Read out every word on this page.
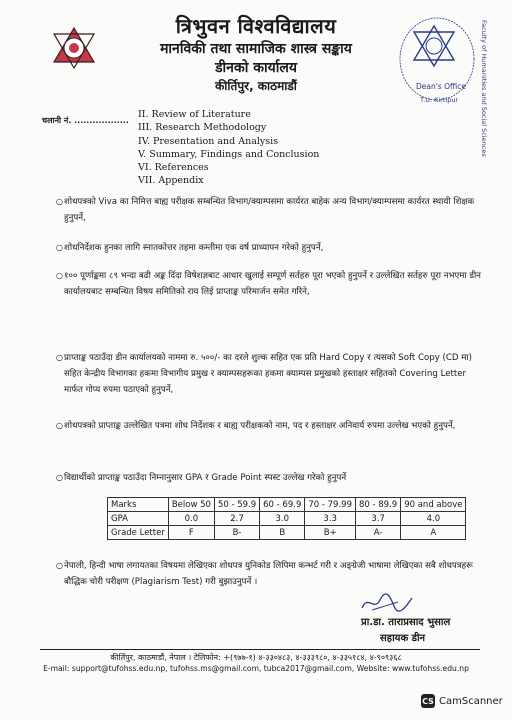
Faculty of Humanities and Social Sciences
Dean's Office
T.U. Kirtipur
त्रिभुवन विश्वविद्यालय
मानविकी तथा सामाजिक शास्त्र सङ्काय
डीनको कार्यालय
कीर्तिपुर, काठमाडौं
चलानी नं. ..................
II. Review of Literature
III. Research Methodology
IV. Presentation and Analysis
V. Summary, Findings and Conclusion
VI. References
VII. Appendix
○ शोधपत्रको Viva का निमित्त बाह्य परीक्षक सम्बन्धित विभाग/क्याम्पसमा कार्यरत बाहेक अन्य विभाग/क्याम्पसमा कार्यरत स्थायी शिक्षक हुनुपर्ने,
○ शोधनिर्देशक हुनका लागि स्नातकोत्तर तहमा कम्तीमा एक वर्ष प्राध्यापन गरेको हुनुपर्ने,
○ १०० पूर्णाङ्कमा ८९ भन्दा बढी अङ्क दिंदा विषेशज्ञबाट आधार खुलाई सम्पूर्ण सर्तहरु पूरा भएको हुनुपर्ने र उल्लेखित सर्तहरु पूरा नभएमा डीन कार्यालयबाट सम्बन्धित विषय समितिको राय लिई प्राप्ताङ्क परिमार्जन समेत गरिने,
○ प्राप्ताङ्क पठाउँदा डीन कार्यालयको नाममा रु. ५००/- का दरले शुल्क सहित एक प्रति Hard Copy र त्यसको Soft Copy (CD मा) सहित केन्द्रीय विभागका हकमा विभागीय प्रमुख र क्याम्पसहरूका हकमा क्याम्पस प्रमुखको हस्ताक्षर सहितको Covering Letter मार्फत गोप्य रुपमा पठाएको हुनुपर्ने,
○ शोधपत्रको प्राप्ताङ्क उल्लेखित पत्रमा शोध निर्देशक र बाह्य परीक्षकको नाम, पद र हस्ताक्षर अनिवार्य रुपमा उल्लेख भएको हुनुपर्ने,
○ विद्यार्थीको प्राप्ताङ्क पठाउँदा निम्नानुसार GPA र Grade Point स्पस्ट उल्लेख गरेको हुनुपर्ने
Marks	Below 50	50 - 59.9	60 - 69.9	70 - 79.99	80 - 89.9	90 and above
GPA	0.0	2.7	3.0	3.3	3.7	4.0
Grade Letter	F	B-	B	B+	A-	A
○ नेपाली, हिन्दी भाषा लगायतका विषयमा लेखिएका शोधपत्र युनिकोड लिपिमा कन्भर्ट गरी र अङ्ग्रेजी भाषामा लेखिएका सबै शोधपत्रहरू बौद्धिक चोरी परीक्षण (Plagiarism Test) गरी बुझाउनुपर्ने ।
प्रा.डा. ताराप्रसाद भुसाल
सहायक डीन
कीर्तिपुर, काठमाडौं, नेपाल । टेलिफोन: +(९७७-१) ४-३३०४८३, ४-३३३९८०, ४-३३५१८४, ४-९०९३६८
E-mail: support@tufohss.edu.np, tufohss.ms@gmail.com, tubca2017@gmail.com, Website: www.tufohss.edu.np
CS CamScanner
